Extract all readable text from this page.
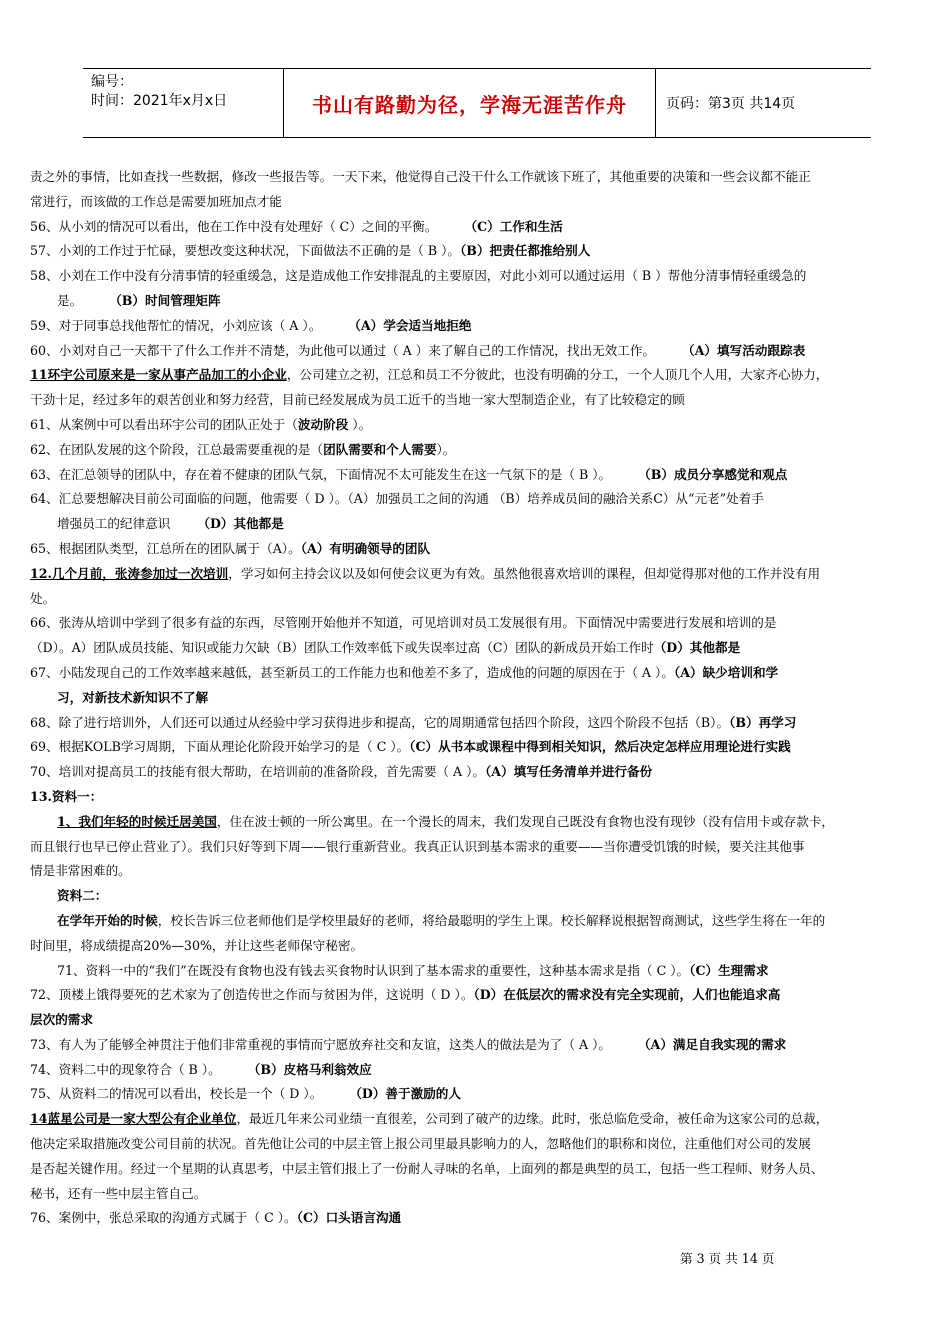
编号：
时间：2021年x月x日	书山有路勤为径，学海无涯苦作舟	页码：第3页 共14页

责之外的事情，比如查找一些数据，修改一些报告等。一天下来，他觉得自己没干什么工作就该下班了，其他重要的决策和一些会议都不能正

常进行，而该做的工作总是需要加班加点才能

56、从小刘的情况可以看出，他在工作中没有处理好（ C）之间的平衡。 （C）工作和生活

57、小刘的工作过于忙碌，要想改变这种状况，下面做法不正确的是（ B ）。（B）把责任都推给别人

58、小刘在工作中没有分清事情的轻重缓急，这是造成他工作安排混乱的主要原因，对此小刘可以通过运用（ B ）帮他分清事情轻重缓急的

是。 （B）时间管理矩阵

59、对于同事总找他帮忙的情况，小刘应该（ A ）。 （A）学会适当地拒绝

60、小刘对自己一天都干了什么工作并不清楚，为此他可以通过（ A ）来了解自己的工作情况，找出无效工作。 （A）填写活动跟踪表

11环宇公司原来是一家从事产品加工的小企业，公司建立之初，江总和员工不分彼此，也没有明确的分工，一个人顶几个人用，大家齐心协力，

干劲十足，经过多年的艰苦创业和努力经营，目前已经发展成为员工近千的当地一家大型制造企业，有了比较稳定的顾

61、从案例中可以看出环宇公司的团队正处于（波动阶段 ）。

62、在团队发展的这个阶段，江总最需要重视的是（团队需要和个人需要）。

63、在汇总领导的团队中，存在着不健康的团队气氛，下面情况不太可能发生在这一气氛下的是（ B ）。 （B）成员分享感觉和观点

64、汇总要想解决目前公司面临的问题，他需要（ D ）。（A）加强员工之间的沟通 （B）培养成员间的融洽关系C）从“元老”处着手

增强员工的纪律意识 （D）其他都是

65、根据团队类型，江总所在的团队属于（A）。（A）有明确领导的团队

12.几个月前，张涛参加过一次培训，学习如何主持会议以及如何使会议更为有效。虽然他很喜欢培训的课程，但却觉得那对他的工作并没有用

处。

66、张涛从培训中学到了很多有益的东西，尽管刚开始他并不知道，可见培训对员工发展很有用。下面情况中需要进行发展和培训的是

（D）。A）团队成员技能、知识或能力欠缺（B）团队工作效率低下或失误率过高（C）团队的新成员开始工作时（D）其他都是

67、小陆发现自己的工作效率越来越低，甚至新员工的工作能力也和他差不多了，造成他的问题的原因在于（ A ）。（A）缺少培训和学

习，对新技术新知识不了解

68、除了进行培训外，人们还可以通过从经验中学习获得进步和提高，它的周期通常包括四个阶段，这四个阶段不包括（B）。（B）再学习

69、根据KOLB学习周期，下面从理论化阶段开始学习的是（ C ）。（C）从书本或课程中得到相关知识，然后决定怎样应用理论进行实践

70、培训对提高员工的技能有很大帮助，在培训前的准备阶段，首先需要（ A ）。（A）填写任务清单并进行备份

13.资料一：

1、我们年轻的时候迁居美国，住在波士顿的一所公寓里。在一个漫长的周末，我们发现自己既没有食物也没有现钞（没有信用卡或存款卡，

而且银行也早已停止营业了）。我们只好等到下周——银行重新营业。我真正认识到基本需求的重要——当你遭受饥饿的时候，要关注其他事

情是非常困难的。

资料二：

在学年开始的时候，校长告诉三位老师他们是学校里最好的老师，将给最聪明的学生上课。校长解释说根据智商测试，这些学生将在一年的

时间里，将成绩提高20%—30%，并让这些老师保守秘密。

71、资料一中的“我们”在既没有食物也没有钱去买食物时认识到了基本需求的重要性，这种基本需求是指（ C ）。（C）生理需求

72、顶楼上饿得要死的艺术家为了创造传世之作而与贫困为伴，这说明（ D ）。（D）在低层次的需求没有完全实现前，人们也能追求高

层次的需求

73、有人为了能够全神贯注于他们非常重视的事情而宁愿放弃社交和友谊，这类人的做法是为了（ A ）。 （A）满足自我实现的需求

74、资料二中的现象符合（ B ）。 （B）皮格马利翁效应

75、从资料二的情况可以看出，校长是一个（ D ）。 （D）善于激励的人

14蓝星公司是一家大型公有企业单位，最近几年来公司业绩一直很差，公司到了破产的边缘。此时，张总临危受命，被任命为这家公司的总裁，

他决定采取措施改变公司目前的状况。首先他让公司的中层主管上报公司里最具影响力的人，忽略他们的职称和岗位，注重他们对公司的发展

是否起关键作用。经过一个星期的认真思考，中层主管们报上了一份耐人寻味的名单，上面列的都是典型的员工，包括一些工程师、财务人员、

秘书，还有一些中层主管自己。

76、案例中，张总采取的沟通方式属于（ C ）。（C）口头语言沟通

第 3 页 共 14 页
